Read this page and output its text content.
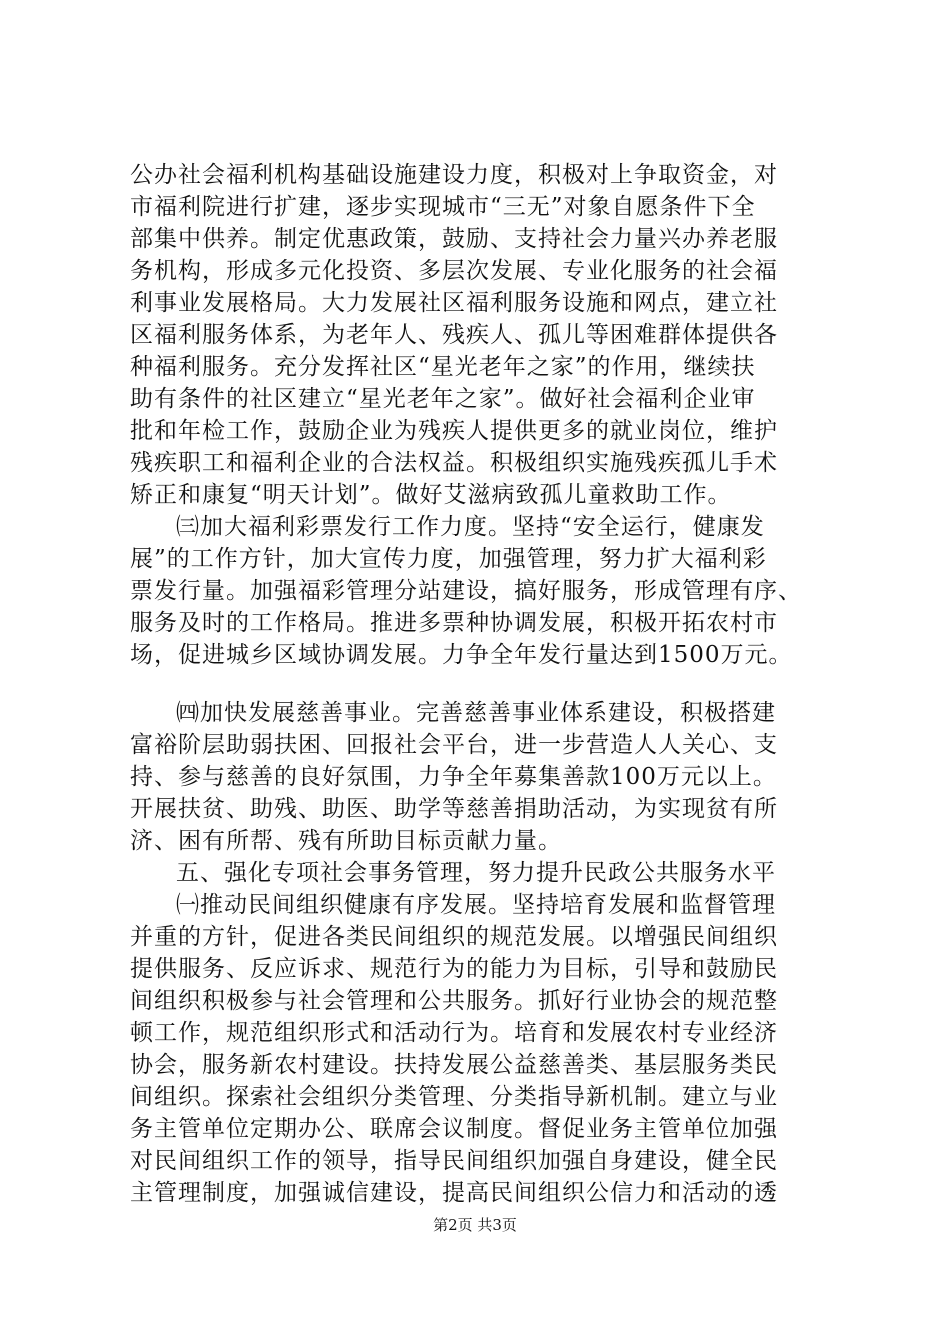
公办社会福利机构基础设施建设力度，积极对上争取资金，对
市福利院进行扩建，逐步实现城市“三无”对象自愿条件下全
部集中供养。制定优惠政策，鼓励、支持社会力量兴办养老服
务机构，形成多元化投资、多层次发展、专业化服务的社会福
利事业发展格局。大力发展社区福利服务设施和网点，建立社
区福利服务体系，为老年人、残疾人、孤儿等困难群体提供各
种福利服务。充分发挥社区“星光老年之家”的作用，继续扶
助有条件的社区建立“星光老年之家”。做好社会福利企业审
批和年检工作，鼓励企业为残疾人提供更多的就业岗位，维护
残疾职工和福利企业的合法权益。积极组织实施残疾孤儿手术
矫正和康复“明天计划”。做好艾滋病致孤儿童救助工作。
㈢加大福利彩票发行工作力度。坚持“安全运行，健康发
展”的工作方针，加大宣传力度，加强管理，努力扩大福利彩
票发行量。加强福彩管理分站建设，搞好服务，形成管理有序、
服务及时的工作格局。推进多票种协调发展，积极开拓农村市
场，促进城乡区域协调发展。力争全年发行量达到1500万元。
㈣加快发展慈善事业。完善慈善事业体系建设，积极搭建
富裕阶层助弱扶困、回报社会平台，进一步营造人人关心、支
持、参与慈善的良好氛围，力争全年募集善款100万元以上。
开展扶贫、助残、助医、助学等慈善捐助活动，为实现贫有所
济、困有所帮、残有所助目标贡献力量。
五、强化专项社会事务管理，努力提升民政公共服务水平
㈠推动民间组织健康有序发展。坚持培育发展和监督管理
并重的方针，促进各类民间组织的规范发展。以增强民间组织
提供服务、反应诉求、规范行为的能力为目标，引导和鼓励民
间组织积极参与社会管理和公共服务。抓好行业协会的规范整
顿工作，规范组织形式和活动行为。培育和发展农村专业经济
协会，服务新农村建设。扶持发展公益慈善类、基层服务类民
间组织。探索社会组织分类管理、分类指导新机制。建立与业
务主管单位定期办公、联席会议制度。督促业务主管单位加强
对民间组织工作的领导，指导民间组织加强自身建设，健全民
主管理制度，加强诚信建设，提高民间组织公信力和活动的透
第2页 共3页
